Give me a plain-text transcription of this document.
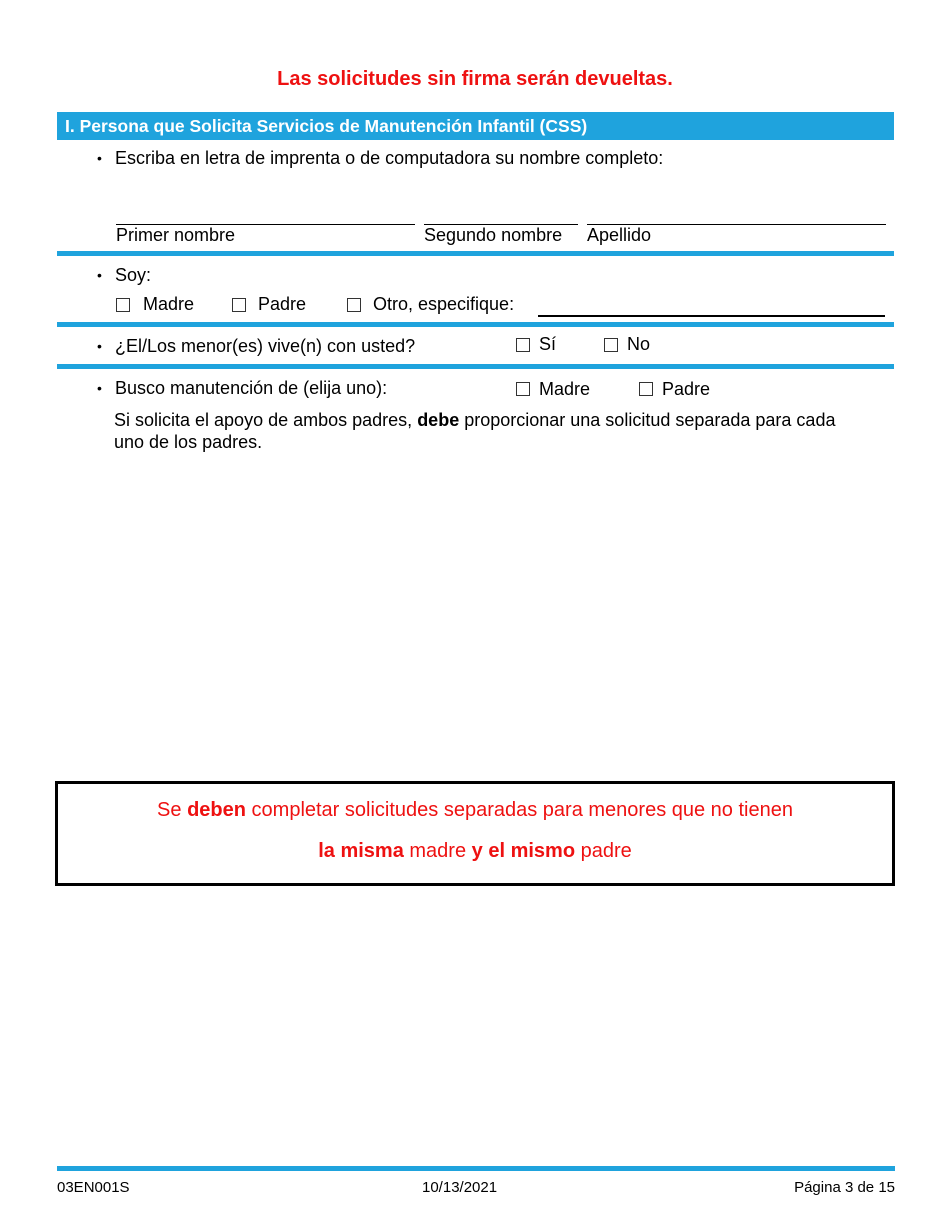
Las solicitudes sin firma serán devueltas.
I. Persona que Solicita Servicios de Manutención Infantil (CSS)
• Escriba en letra de imprenta o de computadora su nombre completo:
Primer nombre	Segundo nombre Apellido
• Soy:
Madre	Padre	Otro, especifique:
• ¿El/Los menor(es) vive(n) con usted?	Sí	No
• Busco manutención de (elija uno):	Madre	Padre
Si solicita el apoyo de ambos padres, debe proporcionar una solicitud separada para cada
uno de los padres.
Se deben completar solicitudes separadas para menores que no tienen
la misma madre y el mismo padre
03EN001S	10/13/2021	Página 3 de 15
